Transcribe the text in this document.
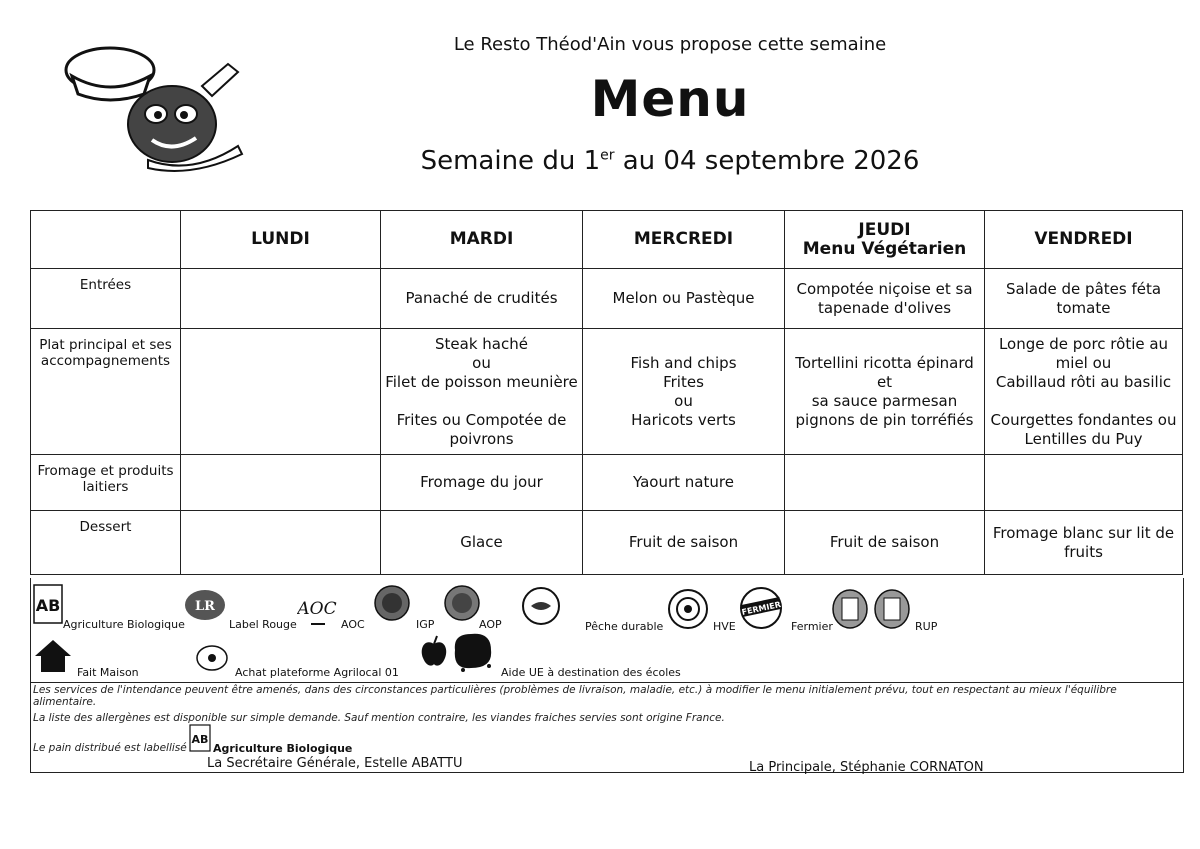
Le Resto Théod'Ain vous propose cette semaine
Menu
Semaine du 1er au 04 septembre 2026
	LUNDI	MARDI	MERCREDI	JEUDI
Menu Végétarien	VENDREDI
Entrées		Panaché de crudités	Melon ou Pastèque	Compotée niçoise et sa
tapenade d'olives	Salade de pâtes féta
tomate
Plat principal et ses
accompagnements		Steak haché
ou
Filet de poisson meunière

Frites ou Compotée de
poivrons	Fish and chips
Frites
ou
Haricots verts	Tortellini ricotta épinard et
sa sauce parmesan
pignons de pin torréfiés	Longe de porc rôtie au
miel ou
Cabillaud rôti au basilic

Courgettes fondantes ou
Lentilles du Puy
Fromage et produits
laitiers		Fromage du jour	Yaourt nature		
Dessert		Glace	Fruit de saison	Fruit de saison	Fromage blanc sur lit de
fruits
AB
Agriculture Biologique
LR
Label Rouge
AOC
AOC	IGP	AOP	Pêche durable	HVE
FERMIER
Fermier	RUP
Fait Maison	Achat plateforme Agrilocal 01	Aide UE à destination des écoles
Les services de l'intendance peuvent être amenés, dans des circonstances particulières (problèmes de livraison, maladie, etc.) à modifier le menu initialement prévu, tout en respectant au mieux l'équilibre
alimentaire.
La liste des allergènes est disponible sur simple demande. Sauf mention contraire, les viandes fraiches servies sont origine France.
Le pain distribué est labellisé
AB
Agriculture Biologique
La Secrétaire Générale, Estelle ABATTU	La Principale, Stéphanie CORNATON
